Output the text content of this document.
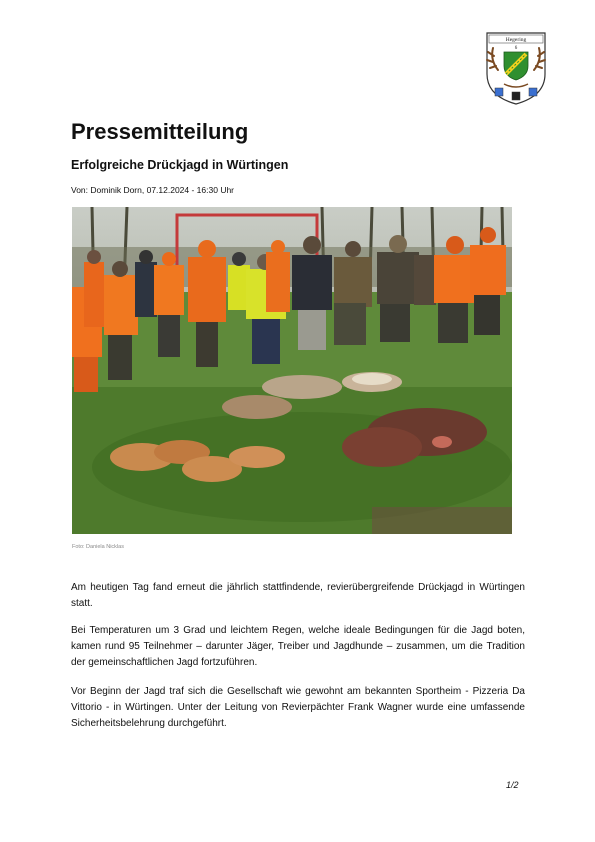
Hegering
6
Pressemitteilung
Erfolgreiche Drückjagd in Würtingen
Von: Dominik Dorn, 07.12.2024 - 16:30 Uhr
Foto: Daniela Nicklas

Am heutigen Tag fand erneut die jährlich stattfindende, revierübergreifende Drückjagd in Würtingen statt.

Bei Temperaturen um 3 Grad und leichtem Regen, welche ideale Bedingungen für die Jagd boten, kamen rund 95 Teilnehmer – darunter Jäger, Treiber und Jagdhunde – zusammen, um die Tradition der gemeinschaftlichen Jagd fortzuführen.

Vor Beginn der Jagd traf sich die Gesellschaft wie gewohnt am bekannten Sportheim - Pizzeria Da Vittorio - in Würtingen. Unter der Leitung von Revierpächter Frank Wagner wurde eine umfassende Sicherheitsbelehrung durchgeführt.

1/2
